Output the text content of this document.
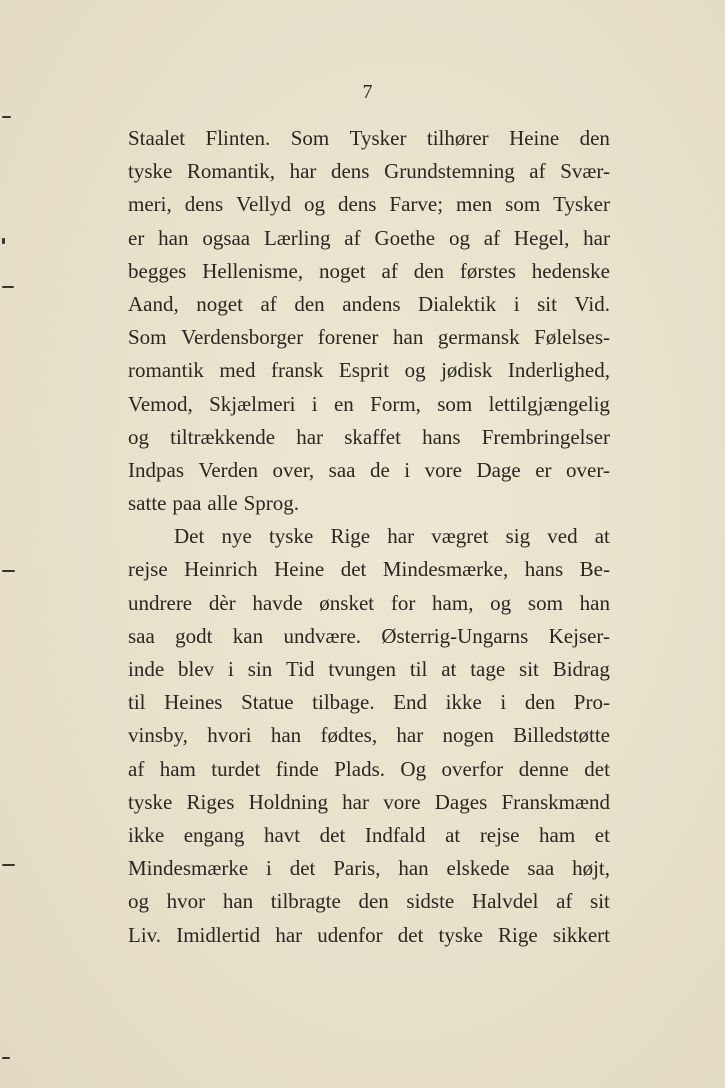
7
Staalet Flinten. Som Tysker tilhører Heine den
tyske Romantik, har dens Grundstemning af Svær-
meri, dens Vellyd og dens Farve; men som Tysker
er han ogsaa Lærling af Goethe og af Hegel, har
begges Hellenisme, noget af den førstes hedenske
Aand, noget af den andens Dialektik i sit Vid.
Som Verdensborger forener han germansk Følelses-
romantik med fransk Esprit og jødisk Inderlighed,
Vemod, Skjælmeri i en Form, som lettilgjængelig
og tiltrækkende har skaffet hans Frembringelser
Indpas Verden over, saa de i vore Dage er over-
satte paa alle Sprog.
Det nye tyske Rige har vægret sig ved at
rejse Heinrich Heine det Mindesmærke, hans Be-
undrere dèr havde ønsket for ham, og som han
saa godt kan undvære. Østerrig-Ungarns Kejser-
inde blev i sin Tid tvungen til at tage sit Bidrag
til Heines Statue tilbage. End ikke i den Pro-
vinsby, hvori han fødtes, har nogen Billedstøtte
af ham turdet finde Plads. Og overfor denne det
tyske Riges Holdning har vore Dages Franskmænd
ikke engang havt det Indfald at rejse ham et
Mindesmærke i det Paris, han elskede saa højt,
og hvor han tilbragte den sidste Halvdel af sit
Liv. Imidlertid har udenfor det tyske Rige sikkert
